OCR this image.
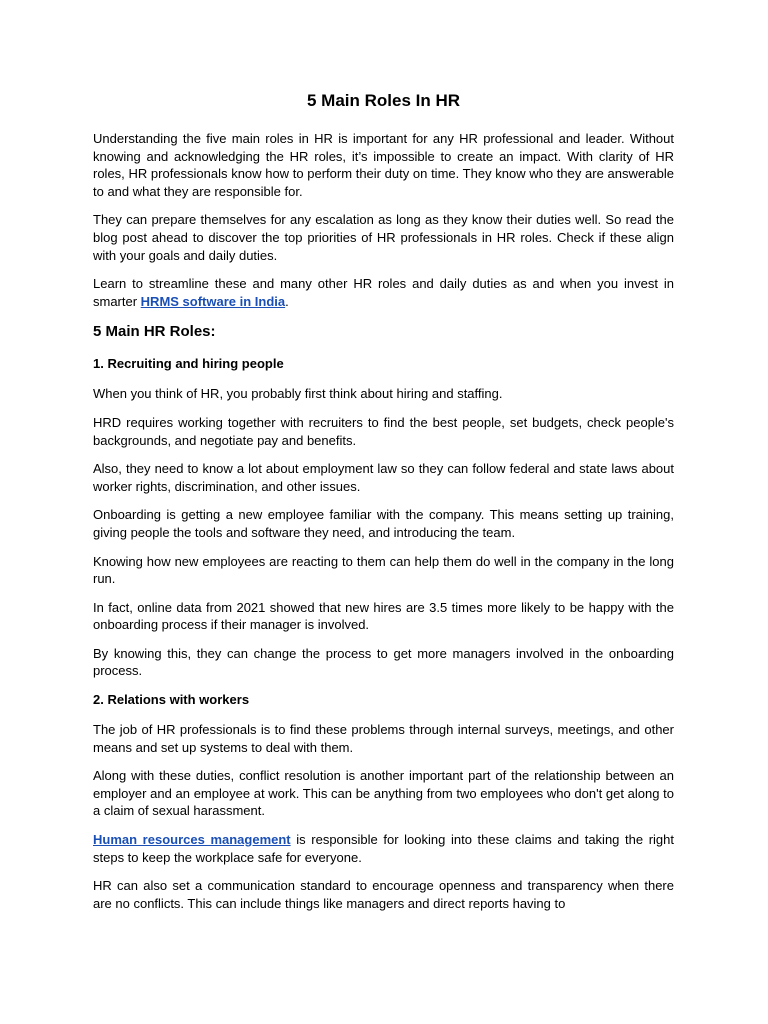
5 Main Roles In HR

Understanding the five main roles in HR is important for any HR professional and leader. Without knowing and acknowledging the HR roles, it’s impossible to create an impact. With clarity of HR roles, HR professionals know how to perform their duty on time. They know who they are answerable to and what they are responsible for.

They can prepare themselves for any escalation as long as they know their duties well. So read the blog post ahead to discover the top priorities of HR professionals in HR roles. Check if these align with your goals and daily duties.

Learn to streamline these and many other HR roles and daily duties as and when you invest in smarter HRMS software in India.

5 Main HR Roles:
1. Recruiting and hiring people

When you think of HR, you probably first think about hiring and staffing.

HRD requires working together with recruiters to find the best people, set budgets, check people's backgrounds, and negotiate pay and benefits.

Also, they need to know a lot about employment law so they can follow federal and state laws about worker rights, discrimination, and other issues.

Onboarding is getting a new employee familiar with the company. This means setting up training, giving people the tools and software they need, and introducing the team.

Knowing how new employees are reacting to them can help them do well in the company in the long run.

In fact, online data from 2021 showed that new hires are 3.5 times more likely to be happy with the onboarding process if their manager is involved.

By knowing this, they can change the process to get more managers involved in the onboarding process.

2. Relations with workers

The job of HR professionals is to find these problems through internal surveys, meetings, and other means and set up systems to deal with them.

Along with these duties, conflict resolution is another important part of the relationship between an employer and an employee at work. This can be anything from two employees who don't get along to a claim of sexual harassment.

Human resources management is responsible for looking into these claims and taking the right steps to keep the workplace safe for everyone.

HR can also set a communication standard to encourage openness and transparency when there are no conflicts. This can include things like managers and direct reports having to
